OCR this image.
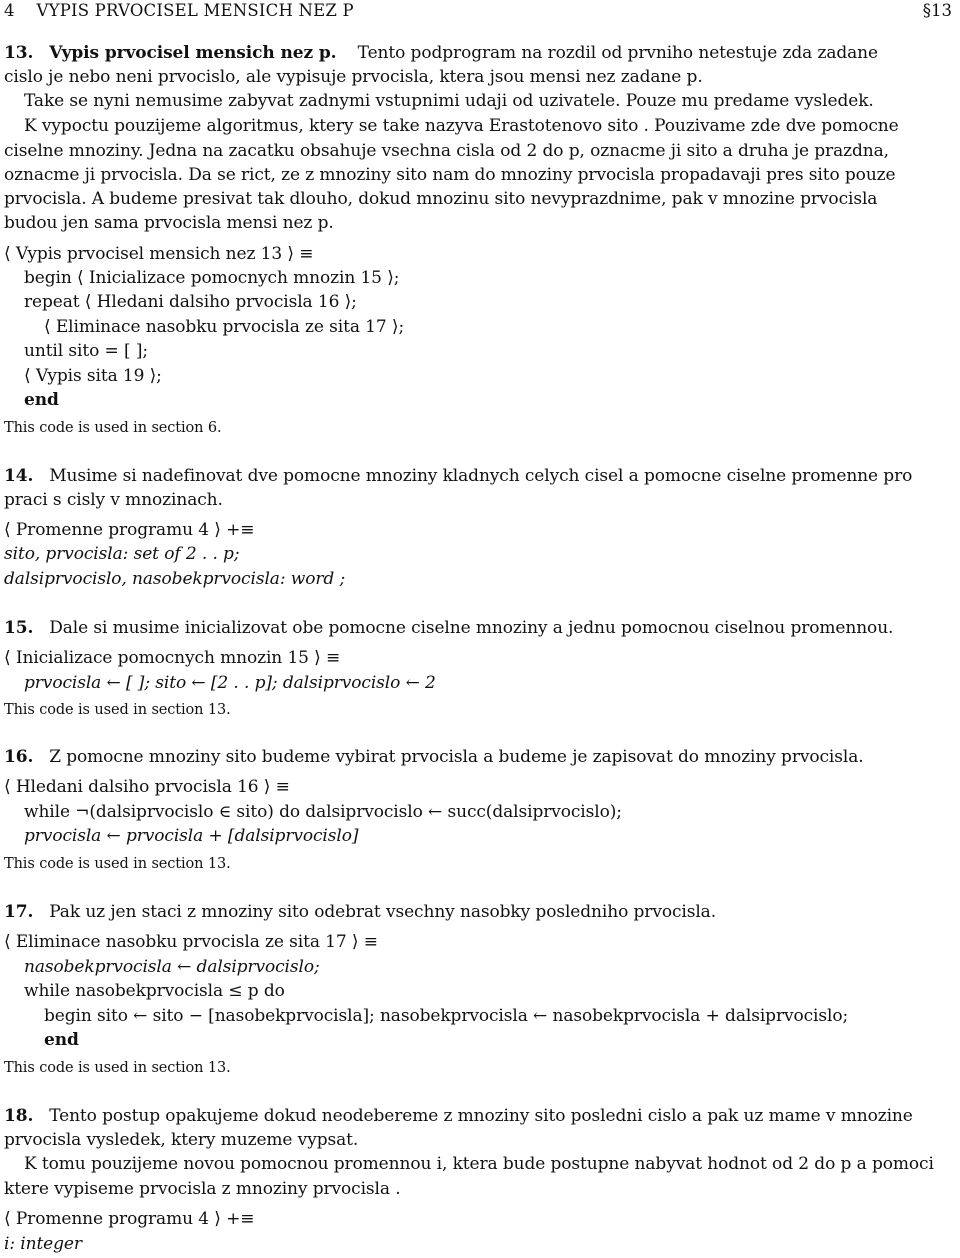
4 VYPIS PRVOCISEL MENSICH NEZ P	§13
13. Vypis prvocisel mensich nez p. Tento podprogram na rozdil od prvniho netestuje zda zadane
cislo je nebo neni prvocislo, ale vypisuje prvocisla, ktera jsou mensi nez zadane p.
Take se nyni nemusime zabyvat zadnymi vstupnimi udaji od uzivatele. Pouze mu predame vysledek.
K vypoctu pouzijeme algoritmus, ktery se take nazyva Erastotenovo sito . Pouzivame zde dve pomocne
ciselne mnoziny. Jedna na zacatku obsahuje vsechna cisla od 2 do p, oznacme ji sito a druha je prazdna,
oznacme ji prvocisla. Da se rict, ze z mnoziny sito nam do mnoziny prvocisla propadavaji pres sito pouze
prvocisla. A budeme presivat tak dlouho, dokud mnozinu sito nevyprazdnime, pak v mnozine prvocisla
budou jen sama prvocisla mensi nez p.
⟨ Vypis prvocisel mensich nez 13 ⟩ ≡
begin ⟨ Inicializace pomocnych mnozin 15 ⟩;
repeat ⟨ Hledani dalsiho prvocisla 16 ⟩;
⟨ Eliminace nasobku prvocisla ze sita 17 ⟩;
until sito = [ ];
⟨ Vypis sita 19 ⟩;
end
This code is used in section 6.
14. Musime si nadefinovat dve pomocne mnoziny kladnych celych cisel a pomocne ciselne promenne pro
praci s cisly v mnozinach.
⟨ Promenne programu 4 ⟩ +≡
sito, prvocisla: set of 2 . . p;
dalsiprvocislo, nasobekprvocisla: word ;
15. Dale si musime inicializovat obe pomocne ciselne mnoziny a jednu pomocnou ciselnou promennou.
⟨ Inicializace pomocnych mnozin 15 ⟩ ≡
prvocisla ← [ ]; sito ← [2 . . p]; dalsiprvocislo ← 2
This code is used in section 13.
16. Z pomocne mnoziny sito budeme vybirat prvocisla a budeme je zapisovat do mnoziny prvocisla.
⟨ Hledani dalsiho prvocisla 16 ⟩ ≡
while ¬(dalsiprvocislo ∈ sito) do dalsiprvocislo ← succ(dalsiprvocislo);
prvocisla ← prvocisla + [dalsiprvocislo]
This code is used in section 13.
17. Pak uz jen staci z mnoziny sito odebrat vsechny nasobky posledniho prvocisla.
⟨ Eliminace nasobku prvocisla ze sita 17 ⟩ ≡
nasobekprvocisla ← dalsiprvocislo;
while nasobekprvocisla ≤ p do
begin sito ← sito − [nasobekprvocisla]; nasobekprvocisla ← nasobekprvocisla + dalsiprvocislo;
end
This code is used in section 13.
18. Tento postup opakujeme dokud neodebereme z mnoziny sito posledni cislo a pak uz mame v mnozine
prvocisla vysledek, ktery muzeme vypsat.
K tomu pouzijeme novou pomocnou promennou i, ktera bude postupne nabyvat hodnot od 2 do p a pomoci
ktere vypiseme prvocisla z mnoziny prvocisla .
⟨ Promenne programu 4 ⟩ +≡
i: integer
